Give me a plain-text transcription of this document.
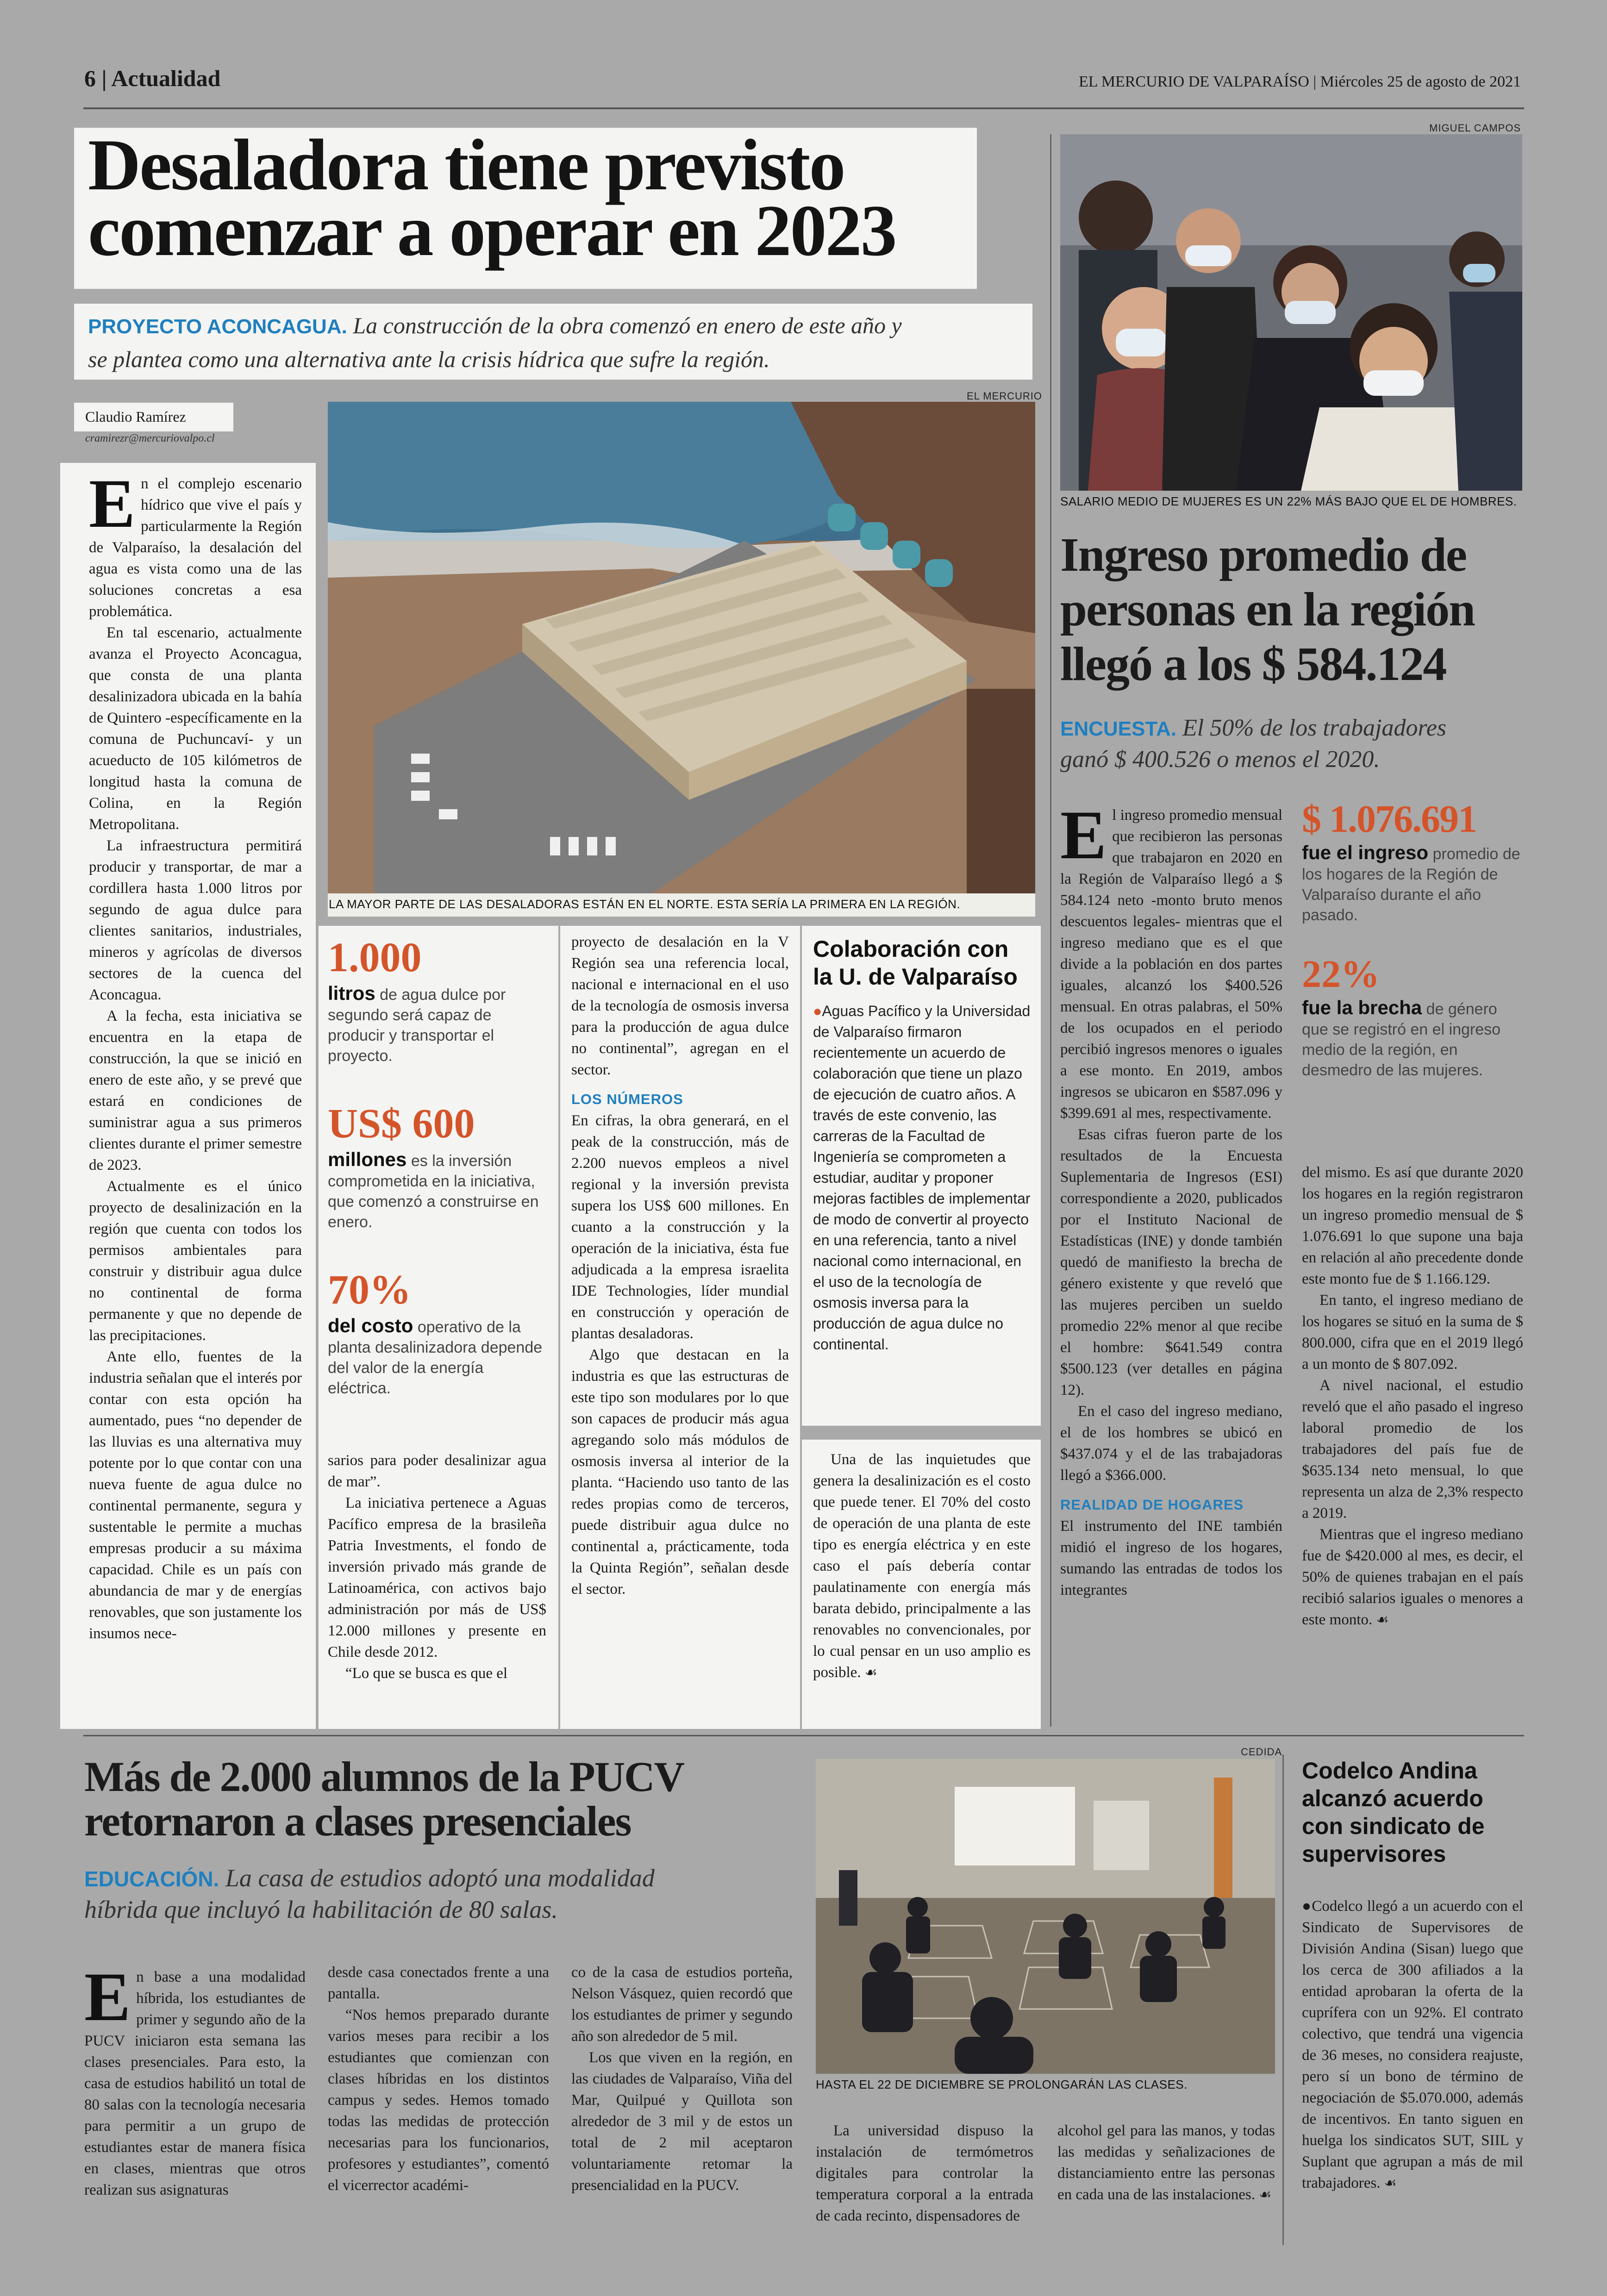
6 | Actualidad	EL MERCURIO DE VALPARAÍSO | Miércoles 25 de agosto de 2021
Desaladora tiene previsto
comenzar a operar en 2023
PROYECTO ACONCAGUA. La construcción de la obra comenzó en enero de este año y
se plantea como una alternativa ante la crisis hídrica que sufre la región.
Claudio Ramírez
cramirezr@mercuriovalpo.cl
EL MERCURIO
LA MAYOR PARTE DE LAS DESALADORAS ESTÁN EN EL NORTE. ESTA SERÍA LA PRIMERA EN LA REGIÓN.

En el complejo escenario hídrico que vive el país y particularmente la Región de Valparaíso, la desalación del agua es vista como una de las soluciones concretas a esa problemática.

En tal escenario, actualmente avanza el Proyecto Aconcagua, que consta de una planta desalinizadora ubicada en la bahía de Quintero -específicamente en la comuna de Puchuncaví- y un acueducto de 105 kilómetros de longitud hasta la comuna de Colina, en la Región Metropolitana.

La infraestructura permitirá producir y transportar, de mar a cordillera hasta 1.000 litros por segundo de agua dulce para clientes sanitarios, industriales, mineros y agrícolas de diversos sectores de la cuenca del Aconcagua.

A la fecha, esta iniciativa se encuentra en la etapa de construcción, la que se inició en enero de este año, y se prevé que estará en condiciones de suministrar agua a sus primeros clientes durante el primer semestre de 2023.

Actualmente es el único proyecto de desalinización en la región que cuenta con todos los permisos ambientales para construir y distribuir agua dulce no continental de forma permanente y que no depende de las precipitaciones.

Ante ello, fuentes de la industria señalan que el interés por contar con esta opción ha aumentado, pues “no depender de las lluvias es una alternativa muy potente por lo que contar con una nueva fuente de agua dulce no continental permanente, segura y sustentable le permite a muchas empresas producir a su máxima capacidad. Chile es un país con abundancia de mar y de energías renovables, que son justamente los insumos nece-

1.000
litros de agua dulce por segundo será capaz de producir y transportar el proyecto.
US$ 600
millones es la inversión comprometida en la iniciativa, que comenzó a construirse en enero.
70%
del costo operativo de la planta desalinizadora depende del valor de la energía eléctrica.

sarios para poder desalinizar agua de mar”.

La iniciativa pertenece a Aguas Pacífico empresa de la brasileña Patria Investments, el fondo de inversión privado más grande de Latinoamérica, con activos bajo administración por más de US$ 12.000 millones y presente en Chile desde 2012.

“Lo que se busca es que el

proyecto de desalación en la V Región sea una referencia local, nacional e internacional en el uso de la tecnología de osmosis inversa para la producción de agua dulce no continental”, agregan en el sector.

LOS NÚMEROS

En cifras, la obra generará, en el peak de la construcción, más de 2.200 nuevos empleos a nivel regional y la inversión prevista supera los US$ 600 millones. En cuanto a la construcción y la operación de la iniciativa, ésta fue adjudicada a la empresa israelita IDE Technologies, líder mundial en construcción y operación de plantas desaladoras.

Algo que destacan en la industria es que las estructuras de este tipo son modulares por lo que son capaces de producir más agua agregando solo más módulos de osmosis inversa al interior de la planta. “Haciendo uso tanto de las redes propias como de terceros, puede distribuir agua dulce no continental a, prácticamente, toda la Quinta Región”, señalan desde el sector.

Colaboración con
la U. de Valparaíso
●Aguas Pacífico y la Universidad de Valparaíso firmaron recientemente un acuerdo de colaboración que tiene un plazo de ejecución de cuatro años. A través de este convenio, las carreras de la Facultad de Ingeniería se comprometen a estudiar, auditar y proponer mejoras factibles de implementar de modo de convertir al proyecto en una referencia, tanto a nivel nacional como internacional, en el uso de la tecnología de osmosis inversa para la producción de agua dulce no continental.

Una de las inquietudes que genera la desalinización es el costo que puede tener. El 70% del costo de operación de una planta de este tipo es energía eléctrica y en este caso el país debería contar paulatinamente con energía más barata debido, principalmente a las renovables no convencionales, por lo cual pensar en un uso amplio es posible. ☙

MIGUEL CAMPOS
SALARIO MEDIO DE MUJERES ES UN 22% MÁS BAJO QUE EL DE HOMBRES.
Ingreso promedio de
personas en la región
llegó a los $ 584.124
ENCUESTA. El 50% de los trabajadores
ganó $ 400.526 o menos el 2020.

El ingreso promedio mensual que recibieron las personas que trabajaron en 2020 en la Región de Valparaíso llegó a $ 584.124 neto -monto bruto menos descuentos legales- mientras que el ingreso mediano que es el que divide a la población en dos partes iguales, alcanzó los $400.526 mensual. En otras palabras, el 50% de los ocupados en el periodo percibió ingresos menores o iguales a ese monto. En 2019, ambos ingresos se ubicaron en $587.096 y $399.691 al mes, respectivamente.

Esas cifras fueron parte de los resultados de la Encuesta Suplementaria de Ingresos (ESI) correspondiente a 2020, publicados por el Instituto Nacional de Estadísticas (INE) y donde también quedó de manifiesto la brecha de género existente y que reveló que las mujeres perciben un sueldo promedio 22% menor al que recibe el hombre: $641.549 contra $500.123 (ver detalles en página 12).

En el caso del ingreso mediano, el de los hombres se ubicó en $437.074 y el de las trabajadoras llegó a $366.000.

REALIDAD DE HOGARES

El instrumento del INE también midió el ingreso de los hogares, sumando las entradas de todos los integrantes

$ 1.076.691
fue el ingreso promedio de los hogares de la Región de Valparaíso durante el año pasado.
22%
fue la brecha de género que se registró en el ingreso medio de la región, en desmedro de las mujeres.

del mismo. Es así que durante 2020 los hogares en la región registraron un ingreso promedio mensual de $ 1.076.691 lo que supone una baja en relación al año precedente donde este monto fue de $ 1.166.129.

En tanto, el ingreso mediano de los hogares se situó en la suma de $ 800.000, cifra que en el 2019 llegó a un monto de $ 807.092.

A nivel nacional, el estudio reveló que el año pasado el ingreso laboral promedio de los trabajadores del país fue de $635.134 neto mensual, lo que representa un alza de 2,3% respecto a 2019.

Mientras que el ingreso mediano fue de $420.000 al mes, es decir, el 50% de quienes trabajan en el país recibió salarios iguales o menores a este monto. ☙

Más de 2.000 alumnos de la PUCV
retornaron a clases presenciales
EDUCACIÓN. La casa de estudios adoptó una modalidad
híbrida que incluyó la habilitación de 80 salas.
CEDIDA
HASTA EL 22 DE DICIEMBRE SE PROLONGARÁN LAS CLASES.

En base a una modalidad híbrida, los estudiantes de primer y segundo año de la PUCV iniciaron esta semana las clases presenciales. Para esto, la casa de estudios habilitó un total de 80 salas con la tecnología necesaria para permitir a un grupo de estudiantes estar de manera física en clases, mientras que otros realizan sus asignaturas

desde casa conectados frente a una pantalla.

“Nos hemos preparado durante varios meses para recibir a los estudiantes que comienzan con clases híbridas en los distintos campus y sedes. Hemos tomado todas las medidas de protección necesarias para los funcionarios, profesores y estudiantes”, comentó el vicerrector académi-

co de la casa de estudios porteña, Nelson Vásquez, quien recordó que los estudiantes de primer y segundo año son alrededor de 5 mil.

Los que viven en la región, en las ciudades de Valparaíso, Viña del Mar, Quilpué y Quillota son alrededor de 3 mil y de estos un total de 2 mil aceptaron voluntariamente retomar la presencialidad en la PUCV.

La universidad dispuso la instalación de termómetros digitales para controlar la temperatura corporal a la entrada de cada recinto, dispensadores de

alcohol gel para las manos, y todas las medidas y señalizaciones de distanciamiento entre las personas en cada una de las instalaciones. ☙

Codelco Andina
alcanzó acuerdo
con sindicato de
supervisores

●Codelco llegó a un acuerdo con el Sindicato de Supervisores de División Andina (Sisan) luego que los cerca de 300 afiliados a la entidad aprobaran la oferta de la cuprífera con un 92%. El contrato colectivo, que tendrá una vigencia de 36 meses, no considera reajuste, pero sí un bono de término de negociación de $5.070.000, además de incentivos. En tanto siguen en huelga los sindicatos SUT, SIIL y Suplant que agrupan a más de mil trabajadores. ☙
